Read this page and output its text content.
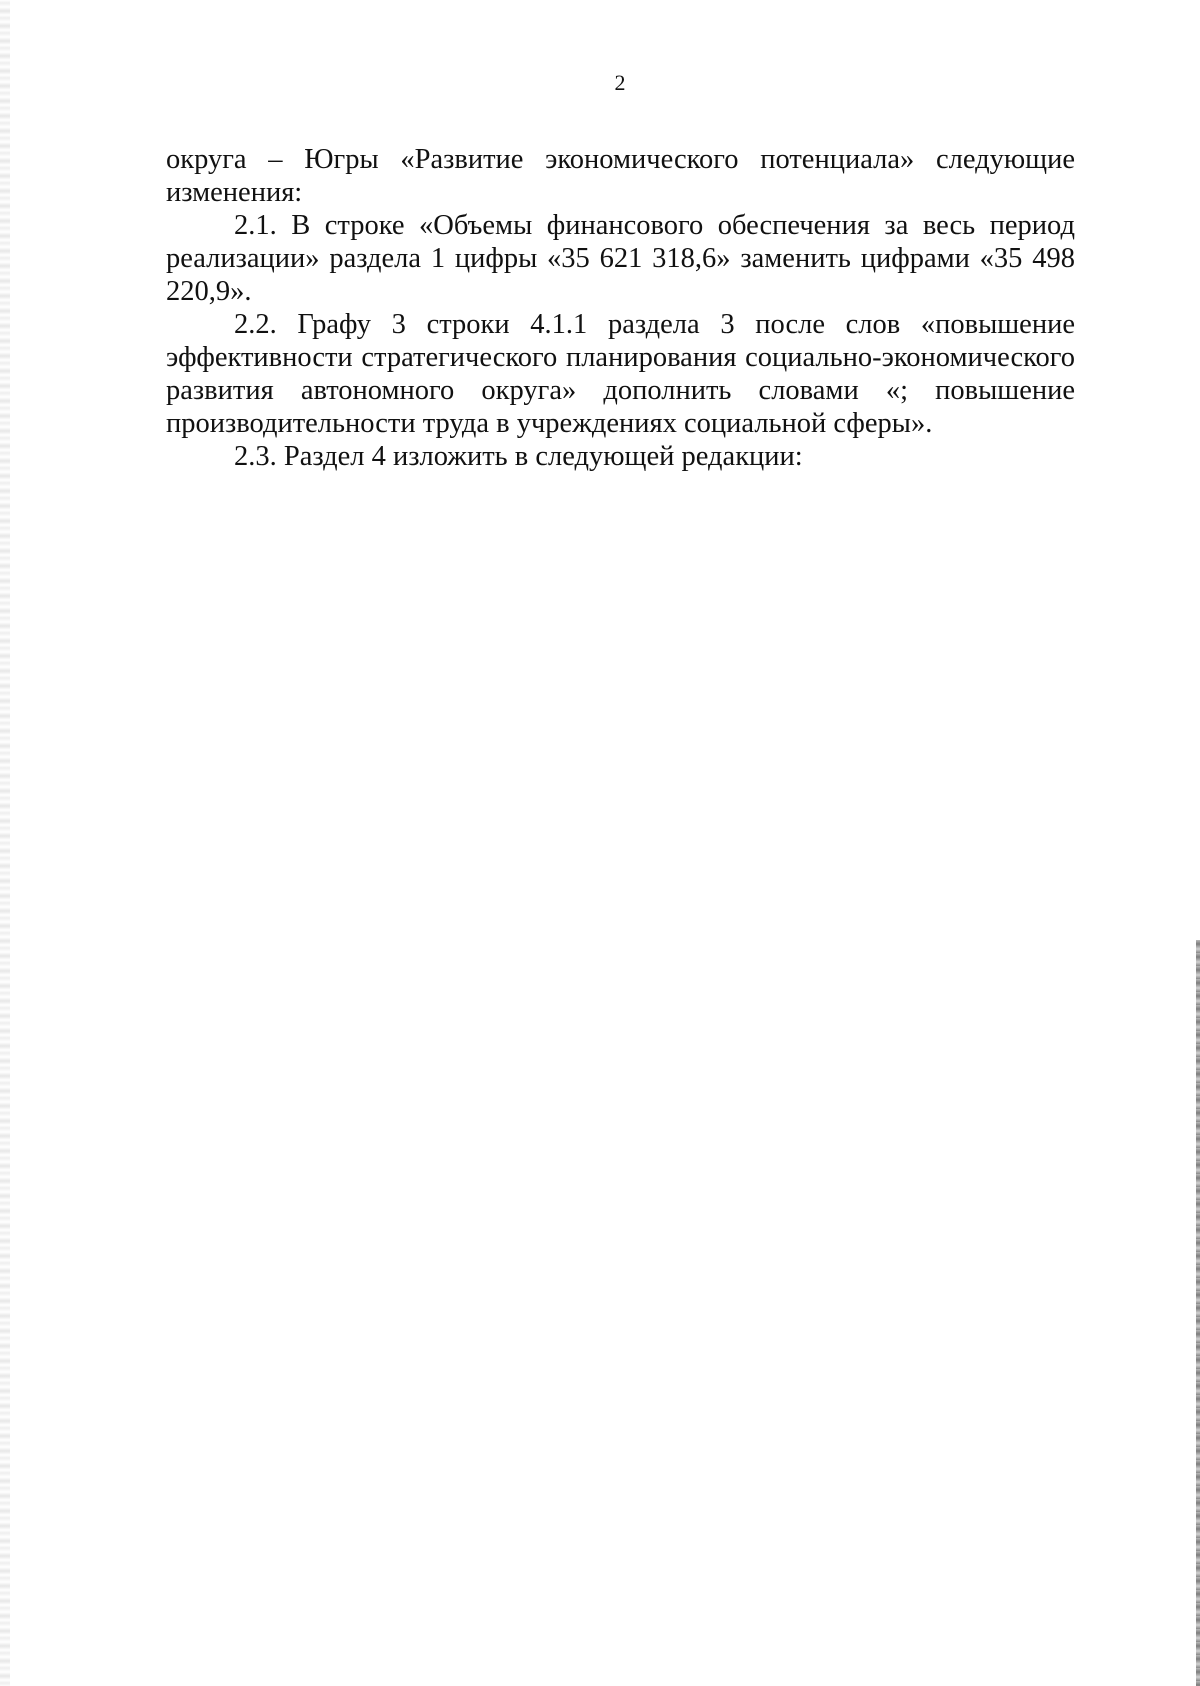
2

округа – Югры «Развитие экономического потенциала» следующие изменения:

2.1. В строке «Объемы финансового обеспечения за весь период реализации» раздела 1 цифры «35 621 318,6» заменить цифрами «35 498 220,9».

2.2. Графу 3 строки 4.1.1 раздела 3 после слов «повышение эффективности стратегического планирования социально-экономического развития автономного округа» дополнить словами «; повышение производительности труда в учреждениях социальной сферы».

2.3. Раздел 4 изложить в следующей редакции:
